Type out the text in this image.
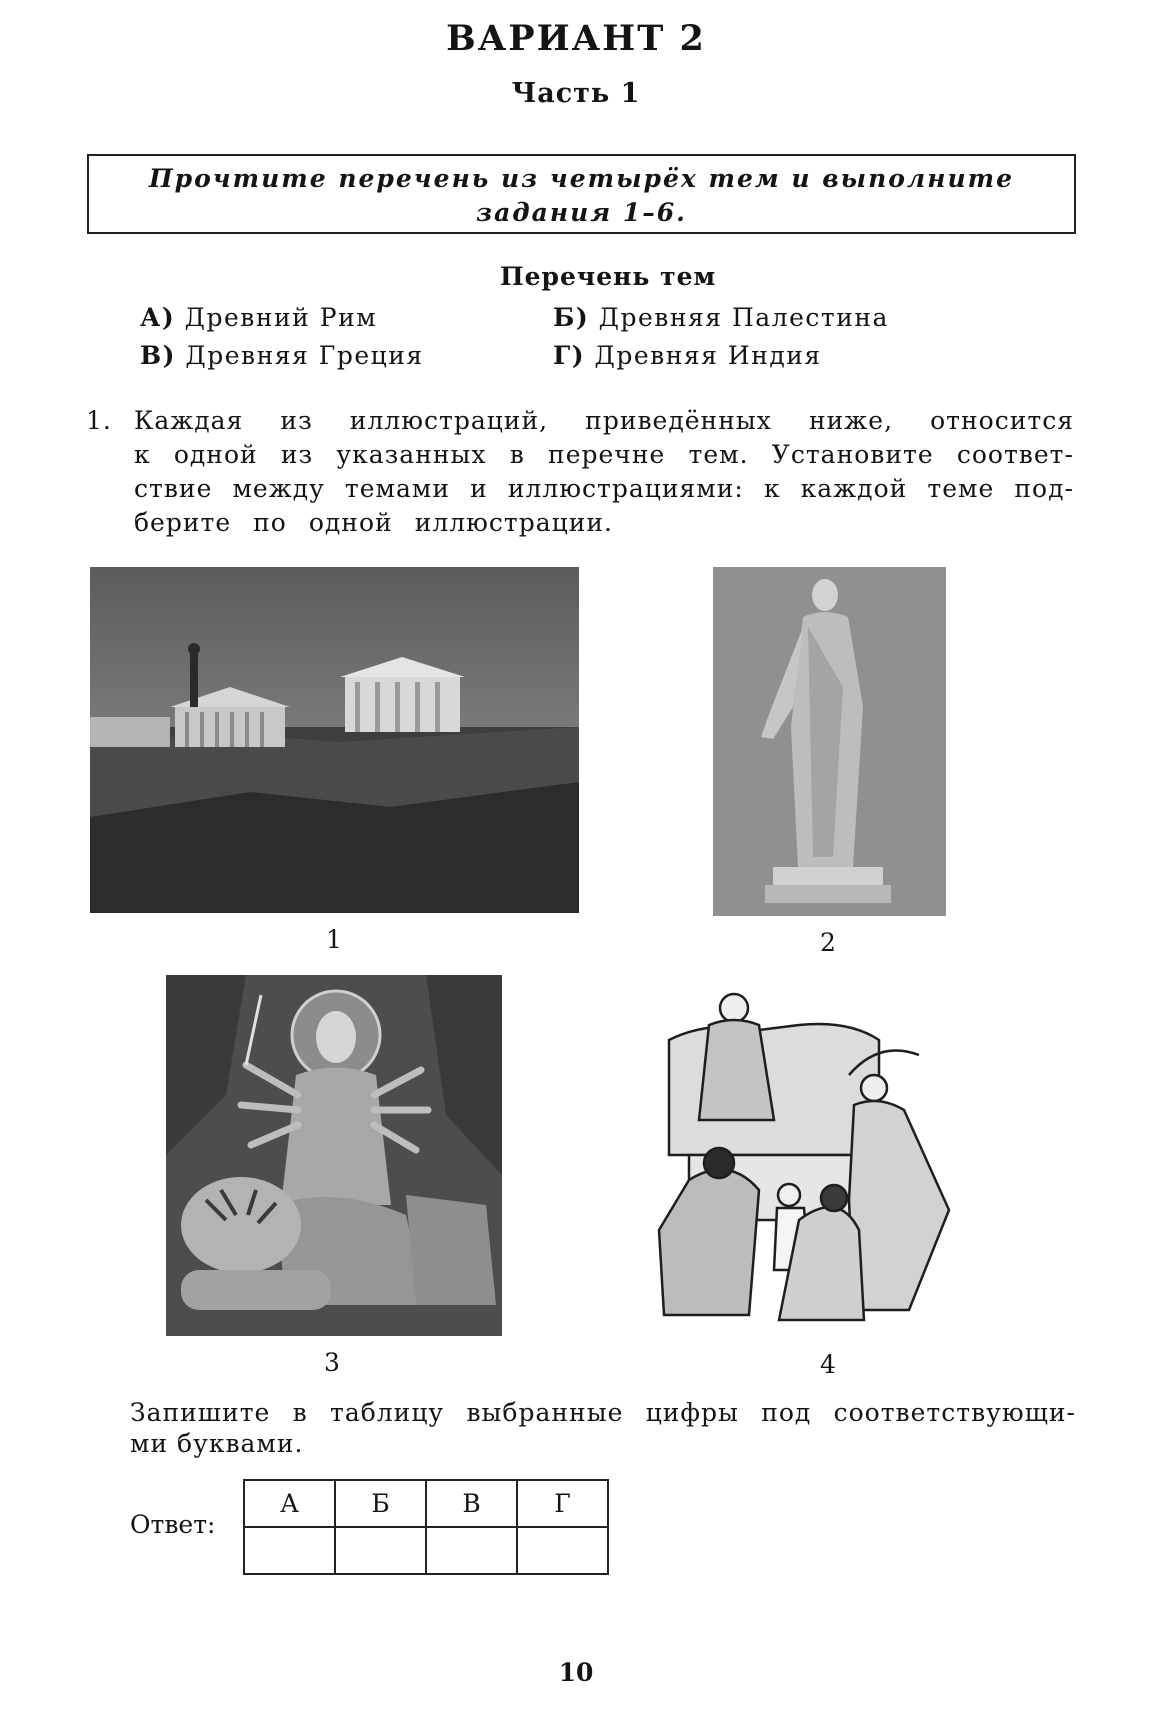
ВАРИАНТ 2
Часть 1
Прочтите перечень из четырёх тем и выполните
задания 1–6.
Перечень тем
А) Древний Рим	Б) Древняя Палестина
В) Древняя Греция	Г) Древняя Индия
1. Каждая из иллюстраций, приведённых ниже, относится
к одной из указанных в перечне тем. Установите соответ-
ствие между темами и иллюстрациями: к каждой теме под-
берите по одной иллюстрации.
1	2
3	4
Запишите в таблицу выбранные цифры под соответствующи-
ми буквами.
Ответ:
А	Б	В	Г

10
